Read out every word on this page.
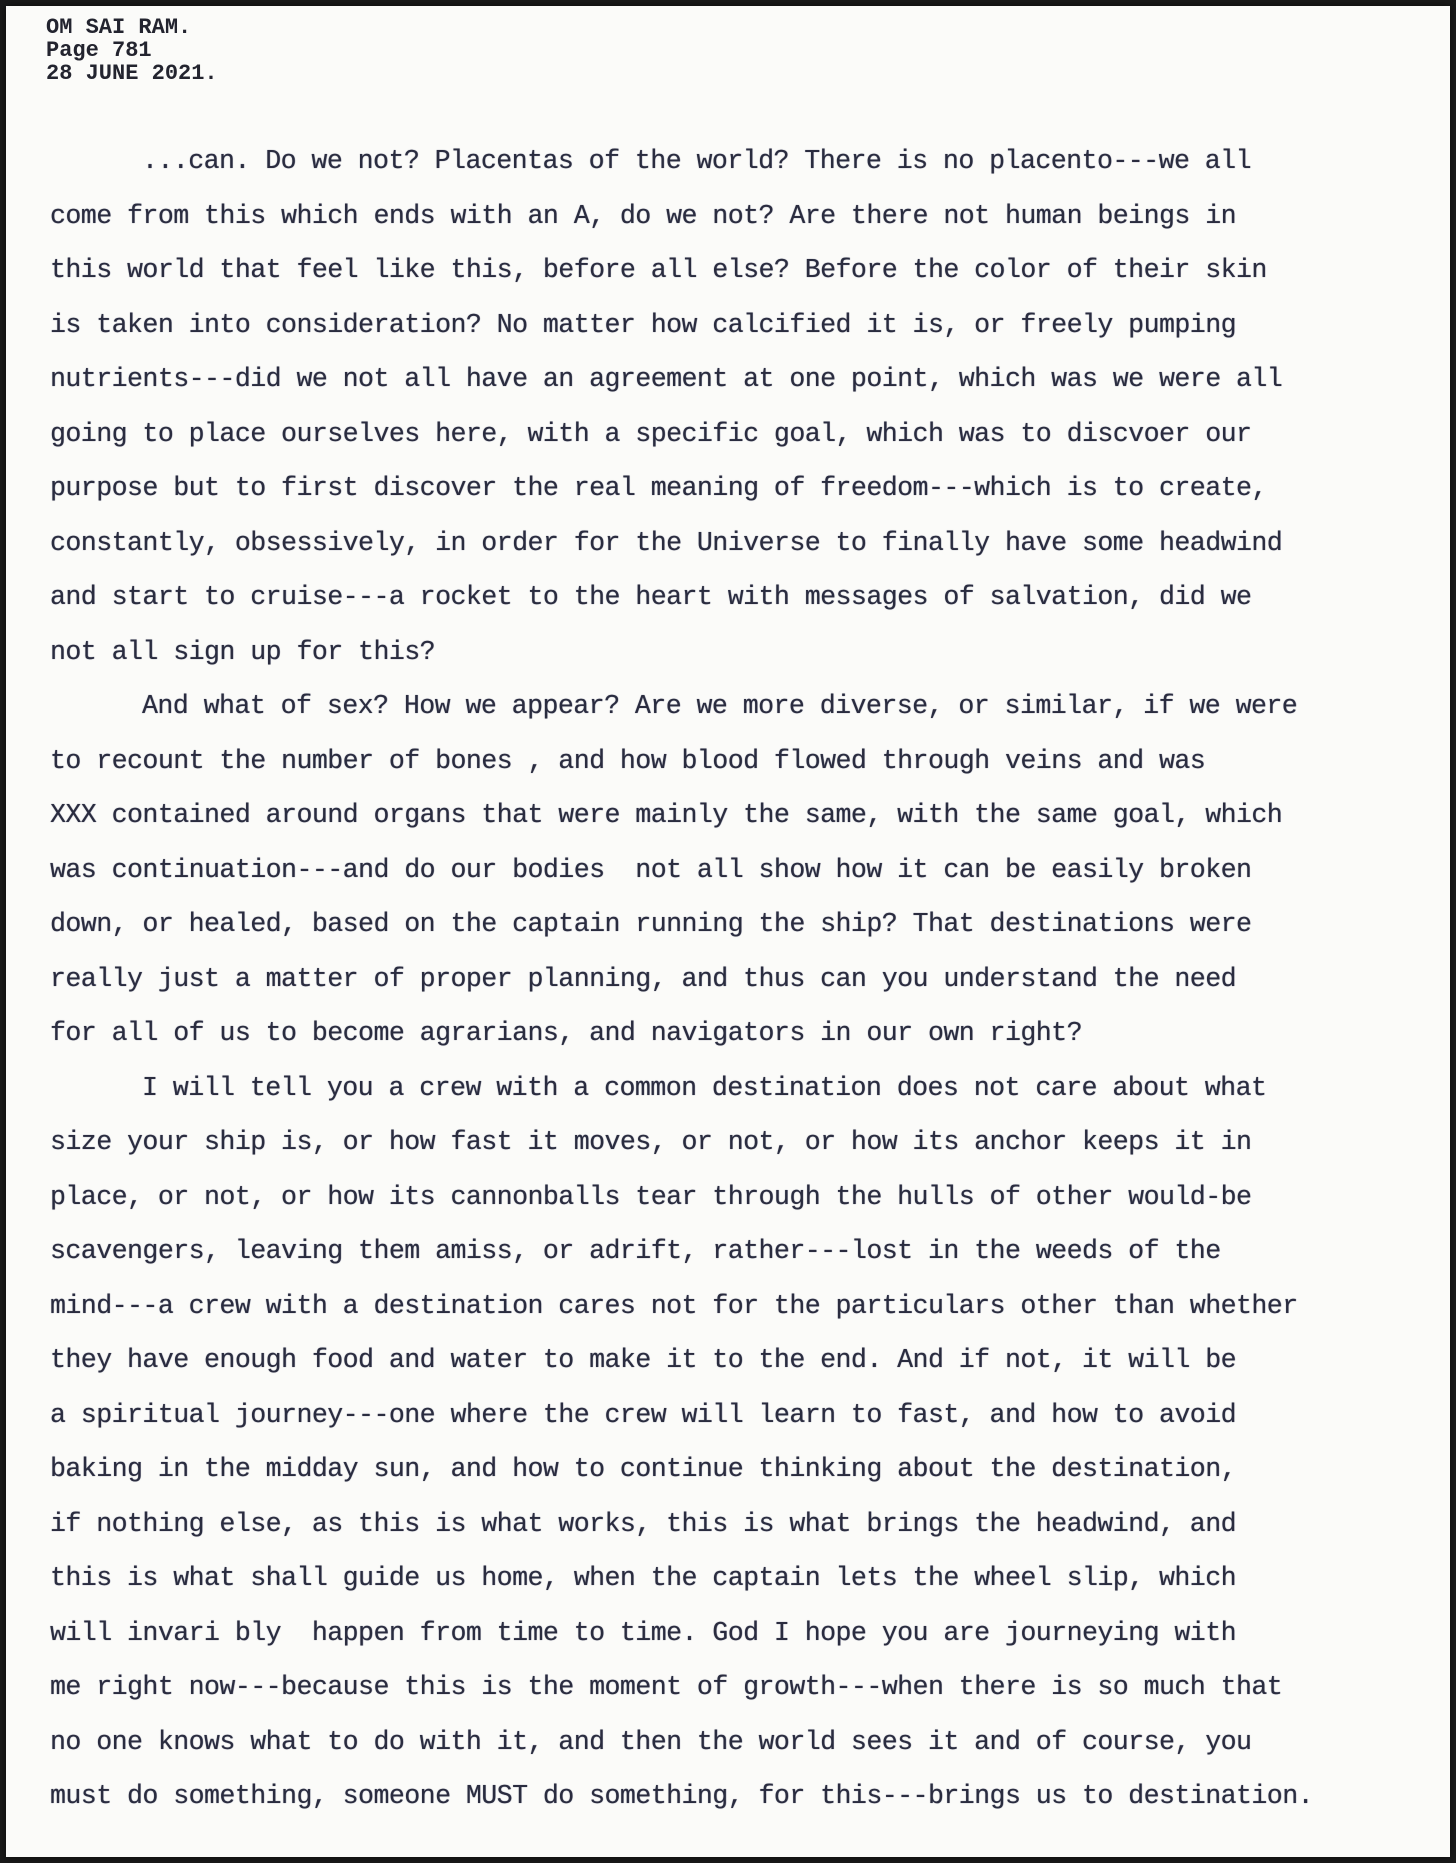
OM SAI RAM.
Page 781
28 JUNE 2021.
...can. Do we not? Placentas of the world? There is no placento---we all
come from this which ends with an A, do we not? Are there not human beings in
this world that feel like this, before all else? Before the color of their skin
is taken into consideration? No matter how calcified it is, or freely pumping
nutrients---did we not all have an agreement at one point, which was we were all
going to place ourselves here, with a specific goal, which was to discvoer our
purpose but to first discover the real meaning of freedom---which is to create,
constantly, obsessively, in order for the Universe to finally have some headwind
and start to cruise---a rocket to the heart with messages of salvation, did we
not all sign up for this?
And what of sex? How we appear? Are we more diverse, or similar, if we were
to recount the number of bones , and how blood flowed through veins and was
XXX contained around organs that were mainly the same, with the same goal, which
was continuation---and do our bodies  not all show how it can be easily broken
down, or healed, based on the captain running the ship? That destinations were
really just a matter of proper planning, and thus can you understand the need
for all of us to become agrarians, and navigators in our own right?
I will tell you a crew with a common destination does not care about what
size your ship is, or how fast it moves, or not, or how its anchor keeps it in
place, or not, or how its cannonballs tear through the hulls of other would-be
scavengers, leaving them amiss, or adrift, rather---lost in the weeds of the
mind---a crew with a destination cares not for the particulars other than whether
they have enough food and water to make it to the end. And if not, it will be
a spiritual journey---one where the crew will learn to fast, and how to avoid
baking in the midday sun, and how to continue thinking about the destination,
if nothing else, as this is what works, this is what brings the headwind, and
this is what shall guide us home, when the captain lets the wheel slip, which
will invari bly  happen from time to time. God I hope you are journeying with
me right now---because this is the moment of growth---when there is so much that
no one knows what to do with it, and then the world sees it and of course, you
must do something, someone MUST do something, for this---brings us to destination.
